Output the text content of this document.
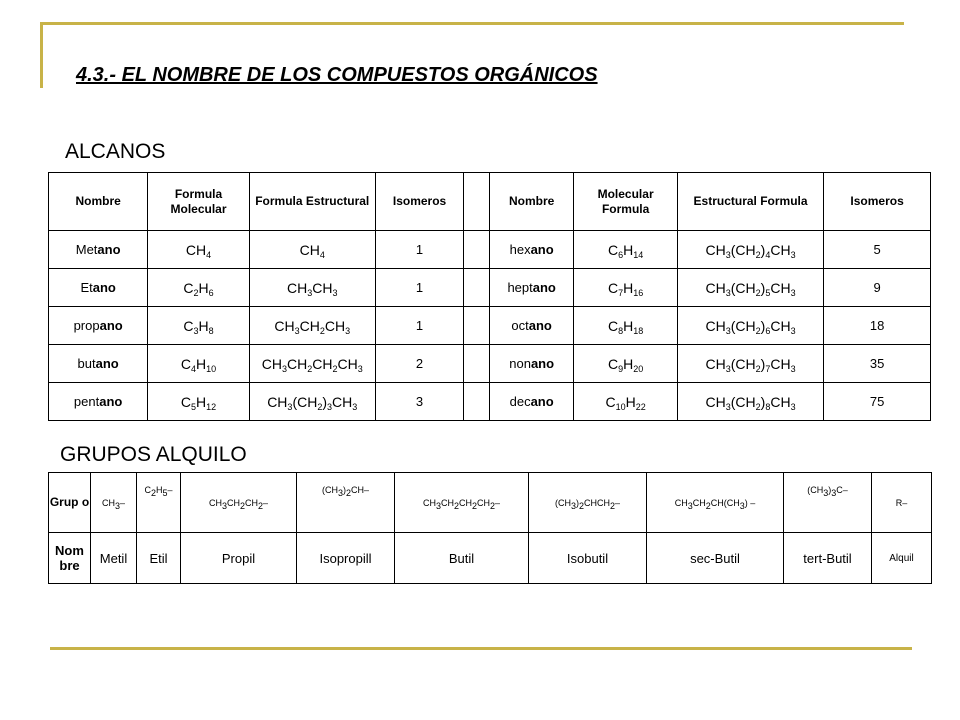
4.3.- EL NOMBRE DE LOS COMPUESTOS ORGÁNICOS
ALCANOS
Nombre	Formula Molecular	Formula Estructural	Isomeros		Nombre	Molecular Formula	Estructural Formula	Isomeros
Metano	$CH_4$	$CH_4$	1		hexano	$C_6H_{14}$	$CH_3(CH_2)_4CH_3$	5
Etano	$C_2H_6$	$CH_3CH_3$	1		heptano	$C_7H_{16}$	$CH_3(CH_2)_5CH_3$	9
propano	$C_3H_8$	$CH_3CH_2CH_3$	1		octano	$C_8H_{18}$	$CH_3(CH_2)_6CH_3$	18
butano	$C_4H_{10}$	$CH_3CH_2CH_2CH_3$	2		nonano	$C_9H_{20}$	$CH_3(CH_2)_7CH_3$	35
pentano	$C_5H_{12}$	$CH_3(CH_2)_3CH_3$	3		decano	$C_{10}H_{22}$	$CH_3(CH_2)_8CH_3$	75
GRUPOS ALQUILO
Grup o	$CH_3-$	$C_2H_5-$	$CH_3CH_2CH_2-$	$(CH_3)_2CH-$	$CH_3CH_2CH_2CH_2-$	$(CH_3)_2CHCH_2-$	$CH_3CH_2CH(CH_3)$ –	$(CH_3)_3C-$	R–
Nom bre	Metil	Etil	Propil	Isopropill	Butil	Isobutil	sec-Butil	tert-Butil	Alquil
